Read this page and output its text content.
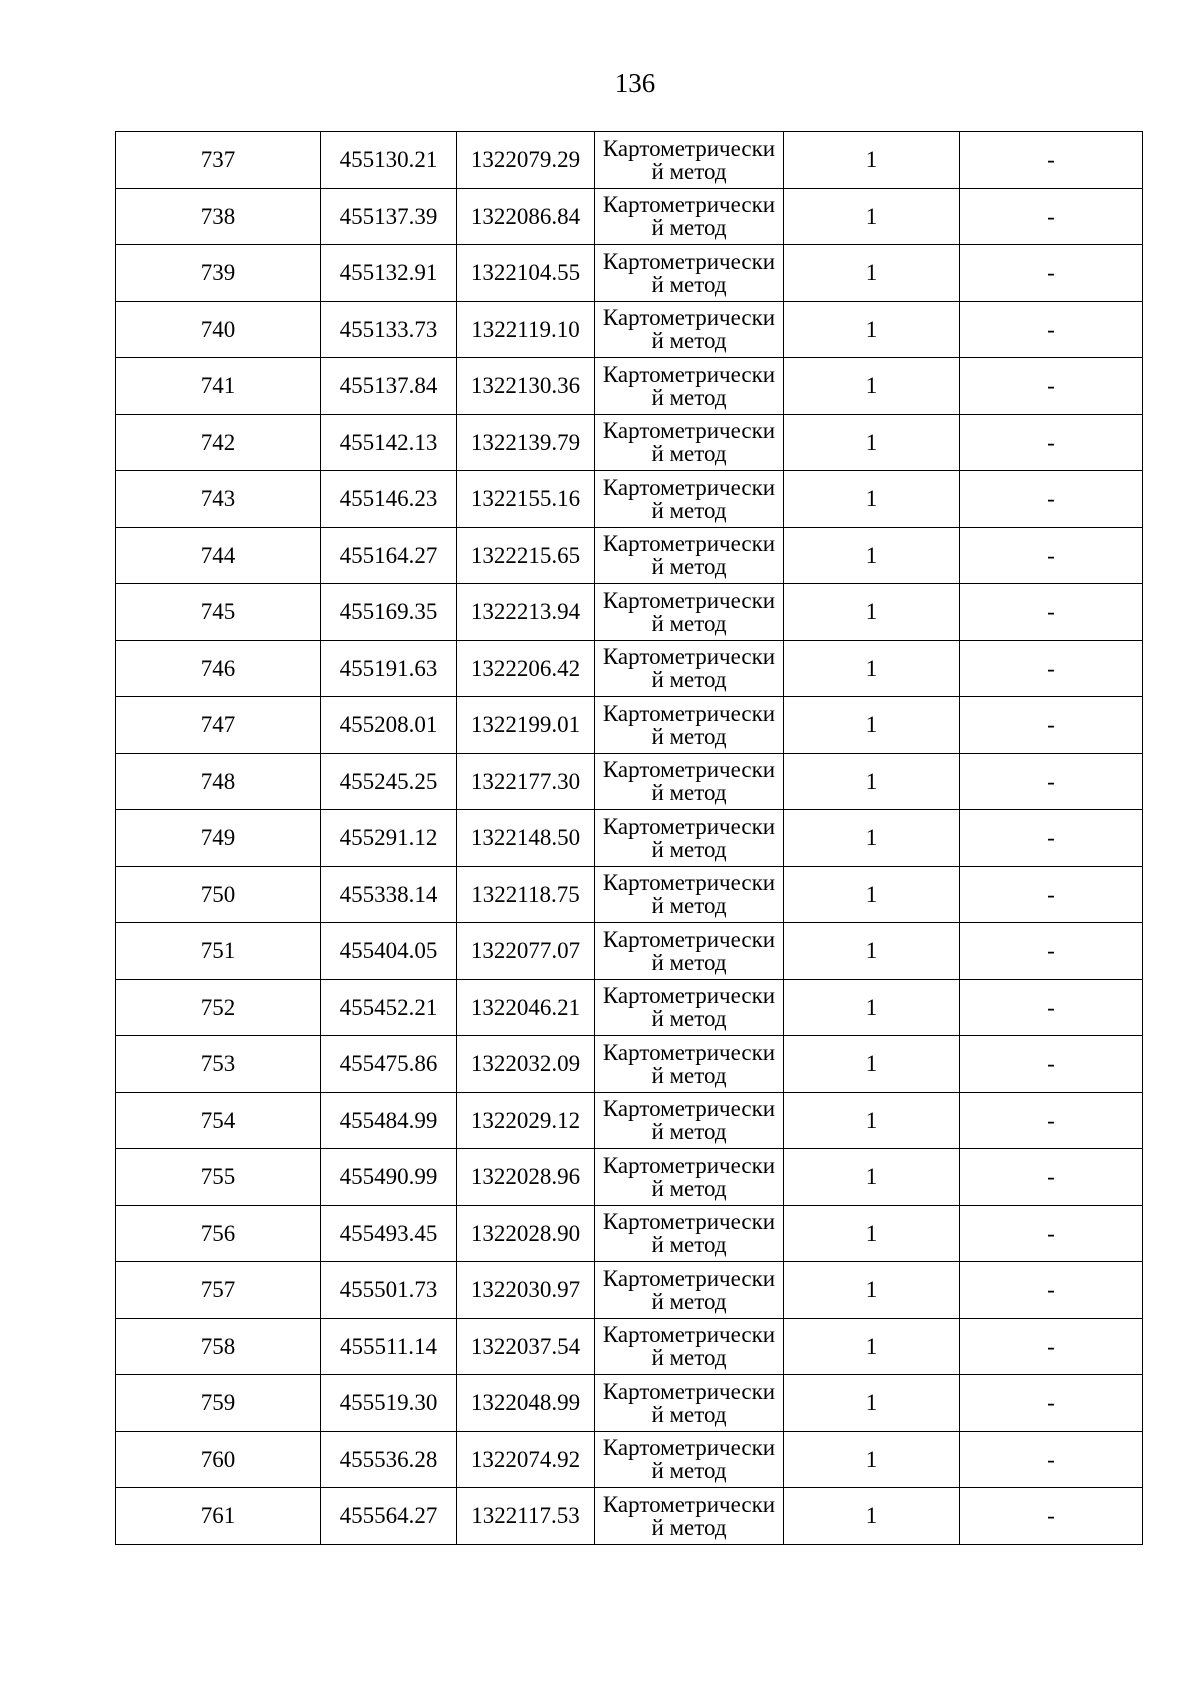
136
737	455130.21	1322079.29	Картометрический метод	1	-
738	455137.39	1322086.84	Картометрический метод	1	-
739	455132.91	1322104.55	Картометрический метод	1	-
740	455133.73	1322119.10	Картометрический метод	1	-
741	455137.84	1322130.36	Картометрический метод	1	-
742	455142.13	1322139.79	Картометрический метод	1	-
743	455146.23	1322155.16	Картометрический метод	1	-
744	455164.27	1322215.65	Картометрический метод	1	-
745	455169.35	1322213.94	Картометрический метод	1	-
746	455191.63	1322206.42	Картометрический метод	1	-
747	455208.01	1322199.01	Картометрический метод	1	-
748	455245.25	1322177.30	Картометрический метод	1	-
749	455291.12	1322148.50	Картометрический метод	1	-
750	455338.14	1322118.75	Картометрический метод	1	-
751	455404.05	1322077.07	Картометрический метод	1	-
752	455452.21	1322046.21	Картометрический метод	1	-
753	455475.86	1322032.09	Картометрический метод	1	-
754	455484.99	1322029.12	Картометрический метод	1	-
755	455490.99	1322028.96	Картометрический метод	1	-
756	455493.45	1322028.90	Картометрический метод	1	-
757	455501.73	1322030.97	Картометрический метод	1	-
758	455511.14	1322037.54	Картометрический метод	1	-
759	455519.30	1322048.99	Картометрический метод	1	-
760	455536.28	1322074.92	Картометрический метод	1	-
761	455564.27	1322117.53	Картометрический метод	1	-
